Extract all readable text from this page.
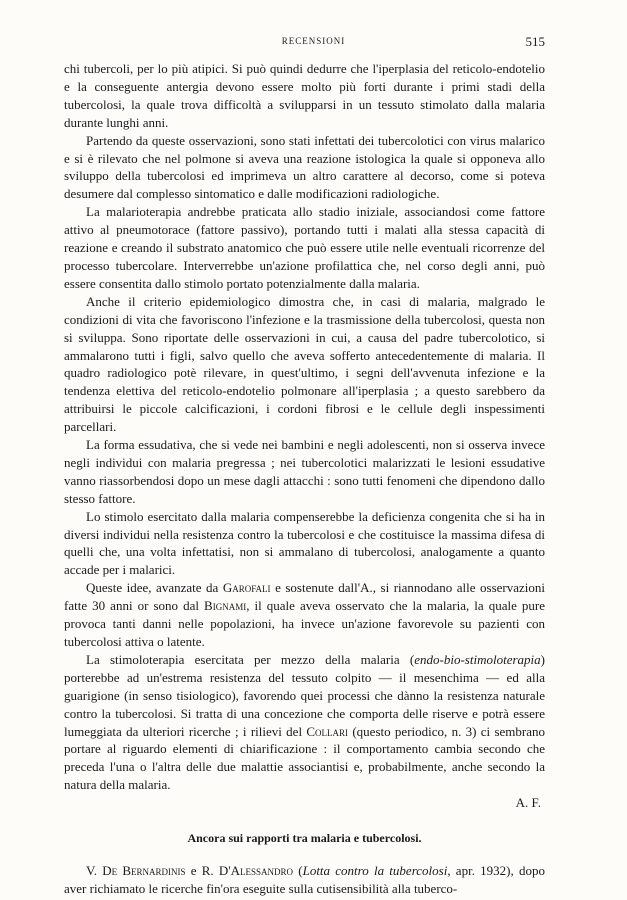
RECENSIONI	515

chi tubercoli, per lo più atipici. Si può quindi dedurre che l'iperplasia del reticolo-endotelio e la conseguente antergia devono essere molto più forti durante i primi stadi della tubercolosi, la quale trova difficoltà a svilupparsi in un tessuto stimolato dalla malaria durante lunghi anni.

Partendo da queste osservazioni, sono stati infettati dei tubercolotici con virus malarico e si è rilevato che nel polmone si aveva una reazione istologica la quale si opponeva allo sviluppo della tubercolosi ed imprimeva un altro carattere al decorso, come si poteva desumere dal complesso sintomatico e dalle modificazioni radiologiche.

La malarioterapia andrebbe praticata allo stadio iniziale, associandosi come fattore attivo al pneumotorace (fattore passivo), portando tutti i malati alla stessa capacità di reazione e creando il substrato anatomico che può essere utile nelle eventuali ricorrenze del processo tubercolare. Interverrebbe un'azione profilattica che, nel corso degli anni, può essere consentita dallo stimolo portato potenzialmente dalla malaria.

Anche il criterio epidemiologico dimostra che, in casi di malaria, malgrado le condizioni di vita che favoriscono l'infezione e la trasmissione della tubercolosi, questa non si sviluppa. Sono riportate delle osservazioni in cui, a causa del padre tubercolotico, si ammalarono tutti i figli, salvo quello che aveva sofferto antecedentemente di malaria. Il quadro radiologico potè rilevare, in quest'ultimo, i segni dell'avvenuta infezione e la tendenza elettiva del reticolo-endotelio polmonare all'iperplasia ; a questo sarebbero da attribuirsi le piccole calcificazioni, i cordoni fibrosi e le cellule degli inspessimenti parcellari.

La forma essudativa, che si vede nei bambini e negli adolescenti, non si osserva invece negli individui con malaria pregressa ; nei tubercolotici malarizzati le lesioni essudative vanno riassorbendosi dopo un mese dagli attacchi : sono tutti fenomeni che dipendono dallo stesso fattore.

Lo stimolo esercitato dalla malaria compenserebbe la deficienza congenita che si ha in diversi individui nella resistenza contro la tubercolosi e che costituisce la massima difesa di quelli che, una volta infettatisi, non si ammalano di tubercolosi, analogamente a quanto accade per i malarici.

Queste idee, avanzate da Garofali e sostenute dall'A., si riannodano alle osservazioni fatte 30 anni or sono dal Bignami, il quale aveva osservato che la malaria, la quale pure provoca tanti danni nelle popolazioni, ha invece un'azione favorevole su pazienti con tubercolosi attiva o latente.

La stimoloterapia esercitata per mezzo della malaria (endo-bio-stimoloterapia) porterebbe ad un'estrema resistenza del tessuto colpito — il mesenchima — ed alla guarigione (in senso tisiologico), favorendo quei processi che dànno la resistenza naturale contro la tubercolosi. Si tratta di una concezione che comporta delle riserve e potrà essere lumeggiata da ulteriori ricerche ; i rilievi del Collari (questo periodico, n. 3) ci sembrano portare al riguardo elementi di chiarificazione : il comportamento cambia secondo che preceda l'una o l'altra delle due malattie associantisi e, probabilmente, anche secondo la natura della malaria.

A. F.

Ancora sui rapporti tra malaria e tubercolosi.

V. De Bernardinis e R. D'Alessandro (Lotta contro la tubercolosi, apr. 1932), dopo aver richiamato le ricerche fin'ora eseguite sulla cutisensibilità alla tuberco-
